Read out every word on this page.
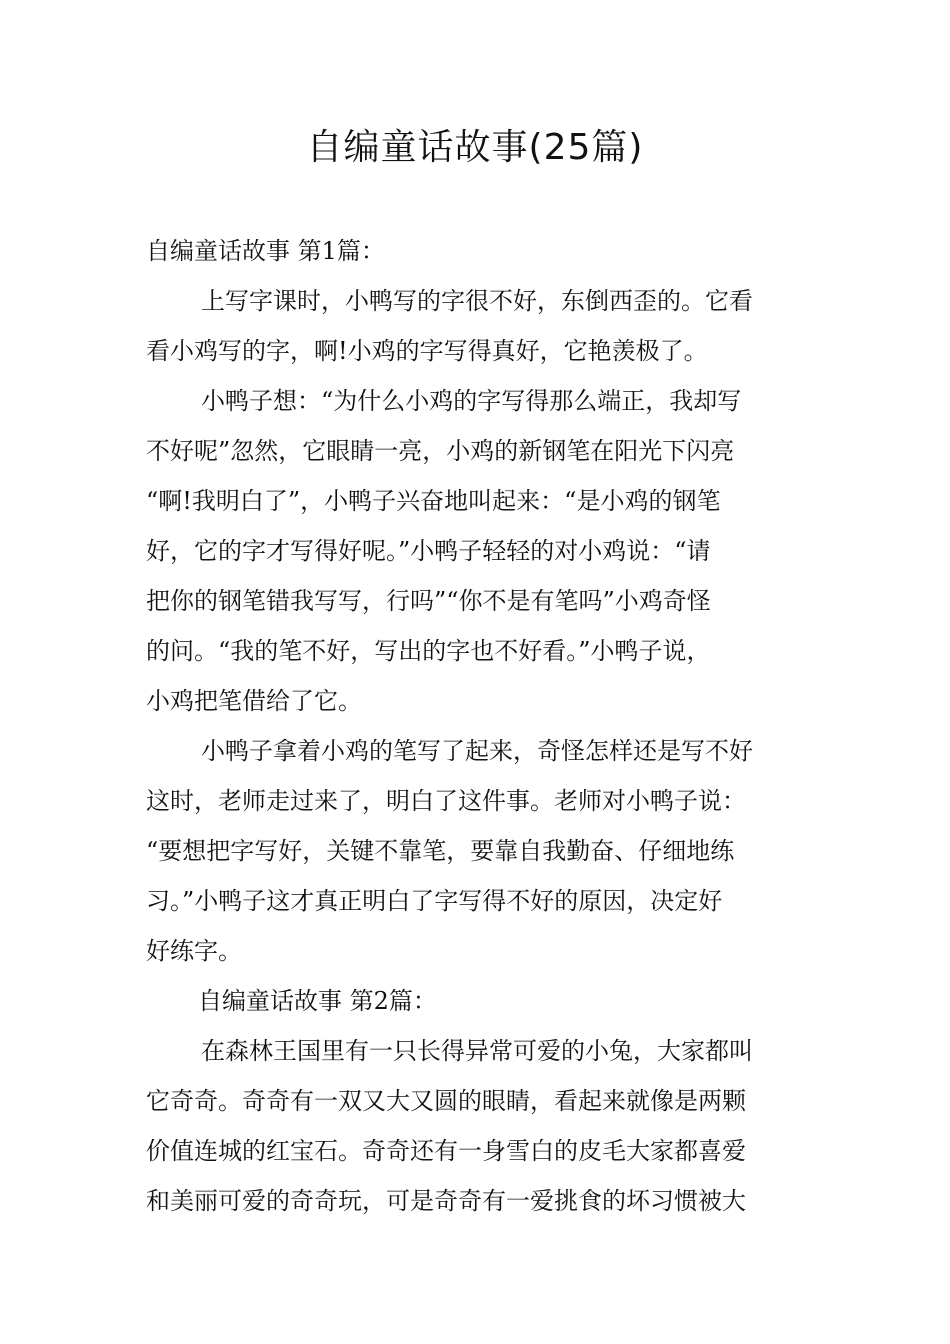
自编童话故事(25篇)
自编童话故事 第1篇：
上写字课时，小鸭写的字很不好，东倒西歪的。它看
看小鸡写的字，啊!小鸡的字写得真好，它艳羡极了。
小鸭子想：“为什么小鸡的字写得那么端正，我却写
不好呢”忽然，它眼睛一亮，小鸡的新钢笔在阳光下闪亮
“啊!我明白了”，小鸭子兴奋地叫起来：“是小鸡的钢笔
好，它的字才写得好呢。”小鸭子轻轻的对小鸡说：“请
把你的钢笔错我写写，行吗”“你不是有笔吗”小鸡奇怪
的问。“我的笔不好，写出的字也不好看。”小鸭子说，
小鸡把笔借给了它。
小鸭子拿着小鸡的笔写了起来，奇怪怎样还是写不好
这时，老师走过来了，明白了这件事。老师对小鸭子说：
“要想把字写好，关键不靠笔，要靠自我勤奋、仔细地练
习。”小鸭子这才真正明白了字写得不好的原因，决定好
好练字。
自编童话故事 第2篇：
在森林王国里有一只长得异常可爱的小兔，大家都叫
它奇奇。奇奇有一双又大又圆的眼睛，看起来就像是两颗
价值连城的红宝石。奇奇还有一身雪白的皮毛大家都喜爱
和美丽可爱的奇奇玩，可是奇奇有一爱挑食的坏习惯被大
